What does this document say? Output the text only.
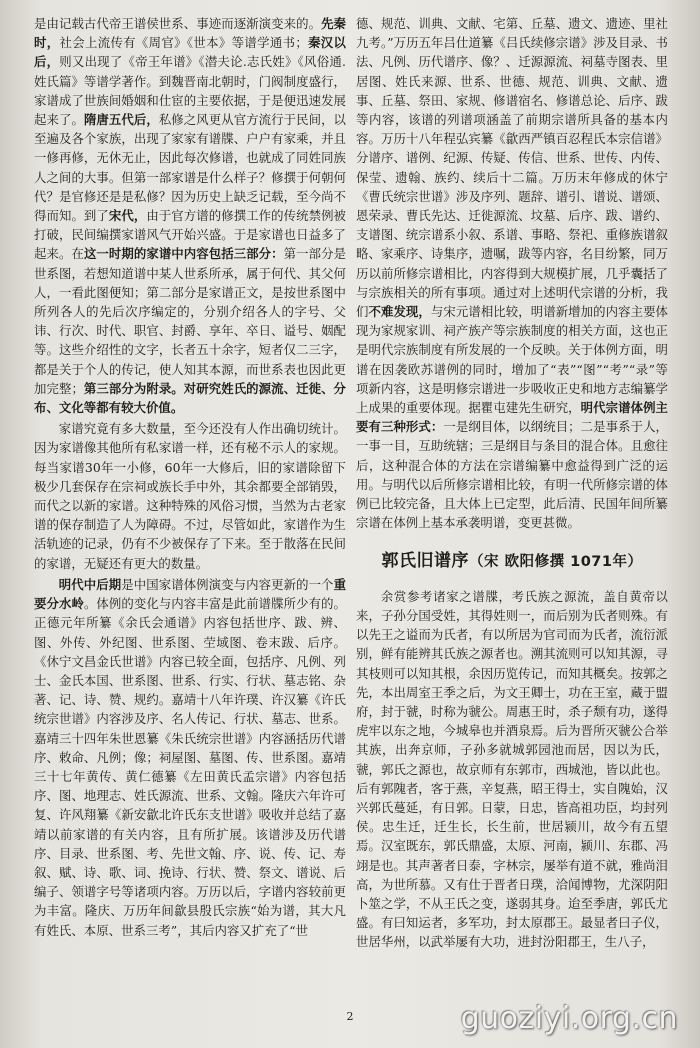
是由记载古代帝王谱侯世系、事迹而逐渐演变来的。先秦时，社会上流传有《周官》《世本》等谱学通书；秦汉以后，则又出现了《帝王年谱》《潜夫论.志氏姓》《风俗通.姓氏篇》等谱学著作。到魏晋南北朝时，门阀制度盛行，家谱成了世族间婚姻和仕宦的主要依据，于是便迅速发展起来了。隋唐五代后，私修之风更从官方流行于民间，以至遍及各个家族，出现了家家有谱牒、户户有家乘，并且一修再修，无休无止，因此每次修谱，也就成了同姓同族人之间的大事。但第一部家谱是什么样子？修撰于何朝何代？是官修还是是私修？因为历史上缺乏记载，至今尚不得而知。到了宋代，由于官方谱的修撰工作的传统禁例被打破，民间编撰家谱风气开始兴盛。于是家谱也日益多了起来。在这一时期的家谱中内容包括三部分：第一部分是世系图，若想知道谱中某人世系所承，属于何代、其父何人，一看此图便知；第二部分是家谱正文，是按世系图中所列各人的先后次序编定的，分别介绍各人的字号、父讳、行次、时代、职官、封爵、享年、卒日、谥号、姻配等。这些介绍性的文字，长者五十余字，短者仅二三字，都是关于个人的传记，使人知其本源，而世系表也因此更加完整；第三部分为附录。对研究姓氏的源流、迁徙、分布、文化等都有较大价值。

家谱究竟有多大数量，至今还没有人作出确切统计。因为家谱像其他所有私家谱一样，还有秘不示人的家规。每当家谱30年一小修，60年一大修后，旧的家谱除留下极少几套保存在宗祠或族长手中外，其余都要全部销毁，而代之以新的家谱。这种特殊的风俗习惯，当然为古老家谱的保存制造了人为障碍。不过，尽管如此，家谱作为生活轨迹的记录，仍有不少被保存了下来。至于散落在民间的家谱，无疑还有更大的数量。

明代中后期是中国家谱体例演变与内容更新的一个重要分水岭。体例的变化与内容丰富是此前谱牒所少有的。正德元年所纂《余氏会通谱》内容包括世序、跋、辨、图、外传、外纪图、世系图、茔域图、卷末跋、后序。《休宁文昌金氏世谱》内容已较全面，包括序、凡例、列士、金氏本国、世系图、世系、行实、行状、墓志铭、杂著、记、诗、赞、规约。嘉靖十八年许璞、许汉纂《许氏统宗世谱》内容涉及序、名人传记、行状、墓志、世系。嘉靖三十四年朱世恩纂《朱氏统宗世谱》内容涵括历代谱序、敕命、凡例；像；祠屋图、墓图、传、世系图。嘉靖三十七年黄传、黄仁德纂《左田黄氏孟宗谱》内容包括序、图、地理志、姓氏源流、世系、文翰。隆庆六年许可复、许风翔纂《新安歙北许氏东支世谱》吸收并总结了嘉靖以前家谱的有关内容，且有所扩展。该谱涉及历代谱序、目录、世系图、考、先世文翰、序、说、传、记、寿叙、赋、诗、歌、词、挽诗、行状、赞、祭文、谱说、后编子、领谱字号等诸项内容。万历以后，字谱内容较前更为丰富。隆庆、万历年间歙县殷氏宗族“始为谱，其大凡有姓氏、本原、世系三考”，其后内容又扩充了“世

德、规范、训典、文献、宅第、丘墓、遗文、遗迹、里社九考。”万历五年吕仕道纂《吕氏续修宗谱》涉及目录、书法、凡例、历代谱序、像？、迁源源流、祠墓寺图表、里居图、姓氏来源、世系、世德、规范、训典、文献、遗事、丘墓、祭田、家规、修谱宿名、修谱总论、后序、跋等内容，该谱的列谱项涵盖了前期宗谱所具备的基本内容。万历十八年程弘宾纂《歙西严镇百忍程氏本宗信谱》分谱序、谱例、纪源、传疑、传信、世系、世传、内传、保莹、遗翰、族约、续后十二篇。万历末年修成的休宁《曹氏统宗世谱》涉及序列、题辞、谱引、谱说、谱颂、恩荣录、曹氏先达、迁徙源流、坟墓、后序、跋、谱约、支谱图、统宗谱系小叙、系谱、事略、祭祀、重修族谱叙略、家乘序、诗集序，遗嘱，跋等内容，名目纷繁，同万历以前所修宗谱相比，内容得到大规模扩展，几乎囊括了与宗族相关的所有事项。通过对上述明代宗谱的分析，我们不难发现，与宋元谱相比较，明谱新增加的内容主要体现为家规家训、祠产族产等宗族制度的相关方面，这也正是明代宗族制度有所发展的一个反映。关于体例方面，明谱在因袭欧苏谱例的同时，增加了“表”“图”“考”“录”等项新内容，这是明修宗谱进一步吸收正史和地方志编纂学上成果的重要体现。据瞿屯建先生研究，明代宗谱体例主要有三种形式：一是纲目体，以纲统目；二是事系于人，一事一目，互助统辖；三是纲目与条目的混合体。且愈往后，这种混合体的方法在宗谱编纂中愈益得到广泛的运用。与明代以后所修宗谱相比较，有明一代所修宗谱的体例已比较完备，且大体上已定型，此后清、民国年间所纂宗谱在体例上基本承袭明谱，变更甚微。

郭氏旧谱序（宋 欧阳修撰 1071年）

余赏参考诸家之谱牒，考氏族之源流，盖自黄帝以来，子孙分国受姓，其得姓则一，而后别为氏者则殊。有以先王之谥而为氏者，有以所居为官司而为氏者，流衍派别，鲜有能辨其氏族之源者也。溯其流则可以知其源，寻其枝则可以知其根，余因历览传记，而知其概矣。按郭之先，本出周室王季之后，为文王卿士，功在王室，藏于盟府，封于虢，时称为虢公。周惠王时，杀子颓有功，遂得虎牢以东之地，今城皋也并酒泉焉。后为晋所灭虢公合举其族，出奔京师，子孙多就城郭园池而居，因以为氏，虢，郭氏之源也，故京师有东郭市，西城池，皆以此也。后有郭隗者，客于燕，辛复燕，昭王得士，实自隗始，汉兴郭氏蔓延，有日郭。日蒙，日忠，皆高祖功臣，均封列侯。忠生迁，迁生长，长生前，世居颍川，故今有五望焉。汉室既东，郭氏鼎盛，太原、河南，颍川、东郡、冯翊是也。其声著者日泰，字林宗，屡举有道不就，雅尚泪高，为世所慕。又有仕于晋者日璞，洽闻博物，尤深阴阳卜筮之学，不从王氏之变，遂弱其身。迨至季唐，郭氏尤盛。有曰知运者，多军功，封太原郡王。最显者曰子仪，世居华州，以武举屡有大功，进封汾阳郡王，生八子，

2	guoziyi.org.cn
